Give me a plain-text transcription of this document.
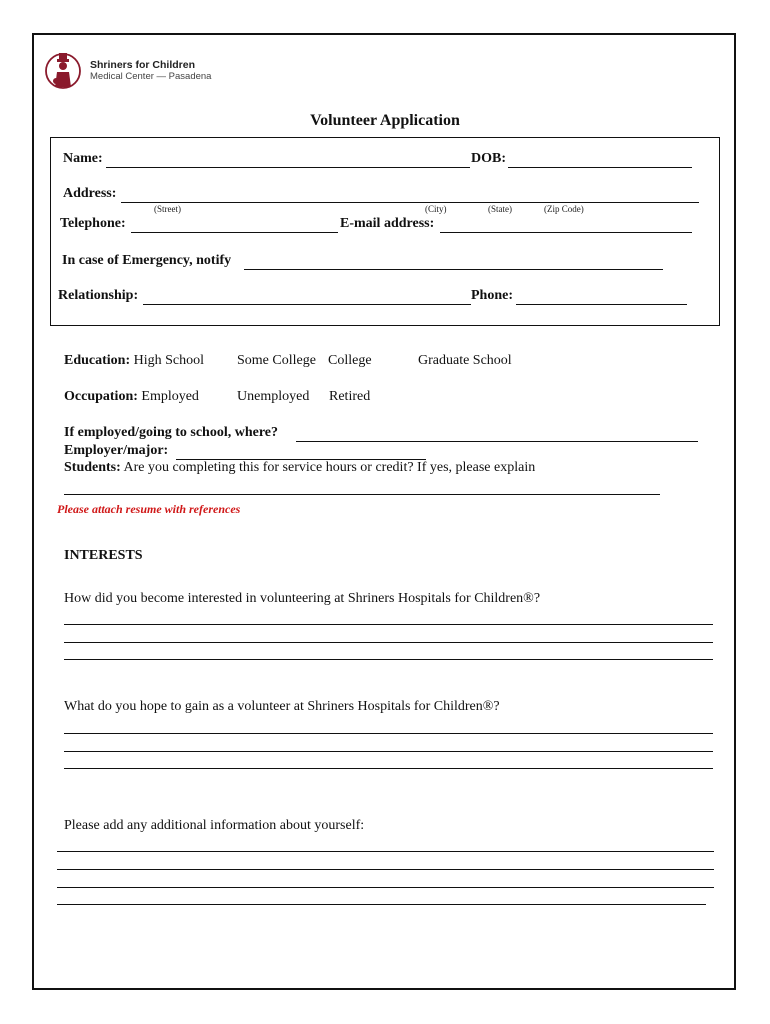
Shriners for Children
Medical Center — Pasadena
Volunteer Application
Name:	DOB:
Address:
(Street)	(City)	(State)	(Zip Code)
Telephone:	E-mail address:
In case of Emergency, notify
Relationship:	Phone:
Education: High School Some College College	Graduate School
Occupation: Employed	Unemployed Retired
If employed/going to school, where?
Employer/major:
Students: Are you completing this for service hours or credit? If yes, please explain
Please attach resume with references
INTERESTS
How did you become interested in volunteering at Shriners Hospitals for Children®?
What do you hope to gain as a volunteer at Shriners Hospitals for Children®?
Please add any additional information about yourself:
